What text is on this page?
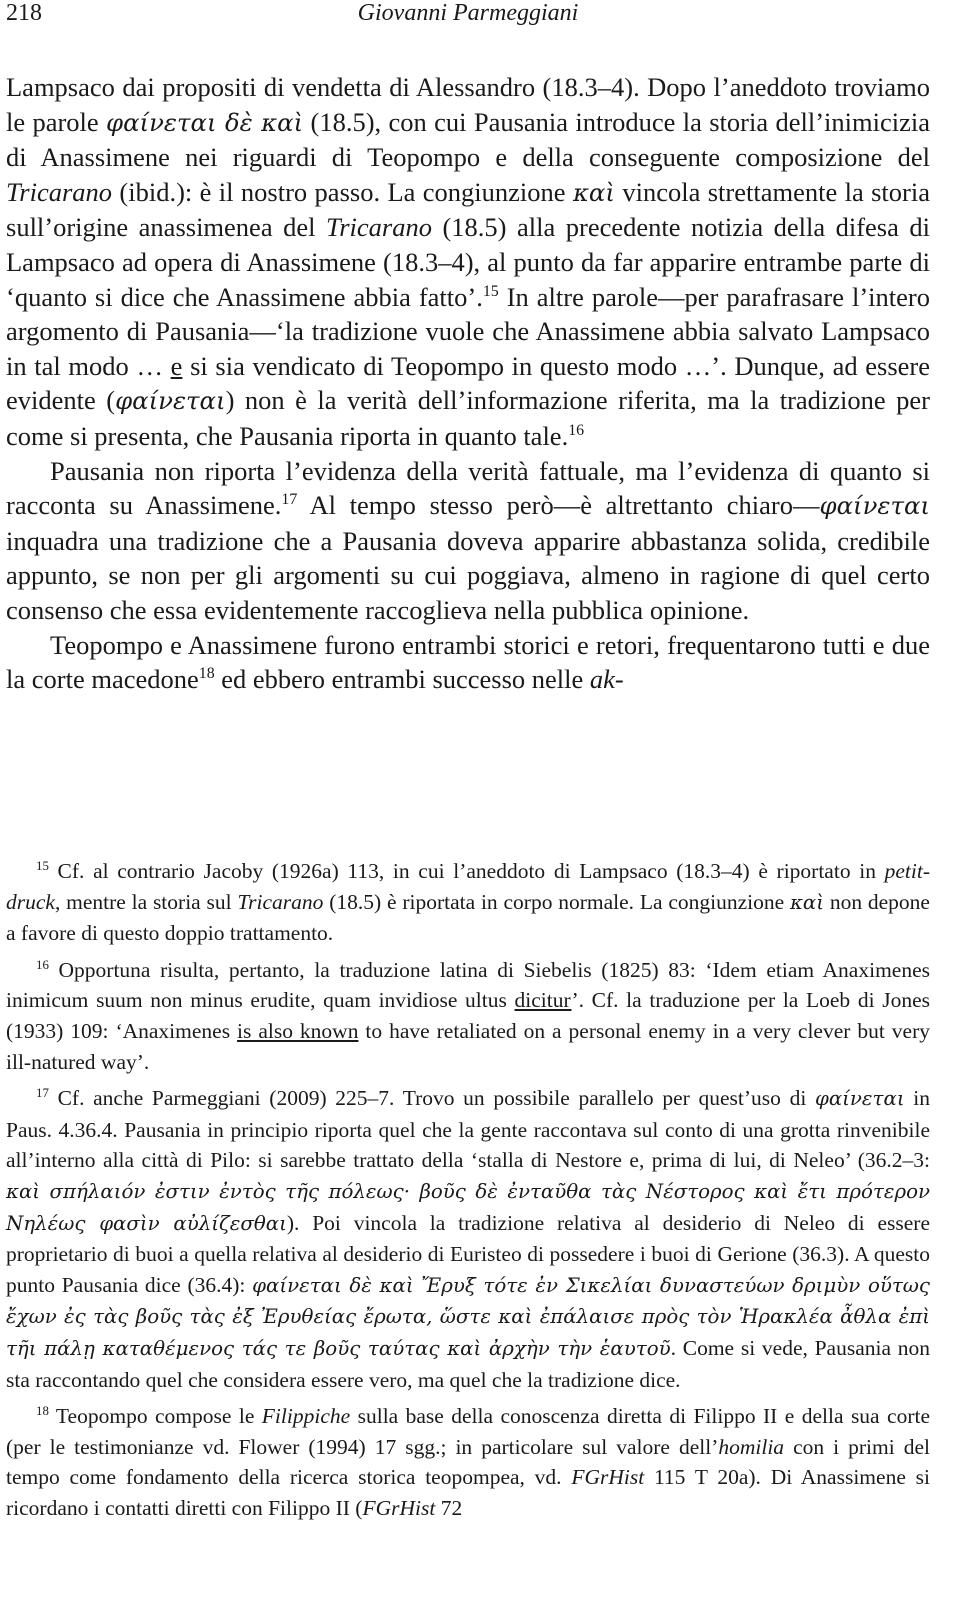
218	Giovanni Parmeggiani

Lampsaco dai propositi di vendetta di Alessandro (18.3–4). Dopo l’aneddoto troviamo le parole φαίνεται δὲ καὶ (18.5), con cui Pausania introduce la storia dell’inimicizia di Anassimene nei riguardi di Teopompo e della conseguente composizione del Tricarano (ibid.): è il nostro passo. La congiunzione καὶ vincola strettamente la storia sull’origine anassimenea del Tricarano (18.5) alla precedente notizia della difesa di Lampsaco ad opera di Anassimene (18.3–4), al punto da far apparire entrambe parte di ‘quanto si dice che Anassimene abbia fatto’.$^{15}$ In altre parole—per parafrasare l’intero argomento di Pausania—‘la tradizione vuole che Anassimene abbia salvato Lampsaco in tal modo … e si sia vendicato di Teopompo in questo modo …’. Dunque, ad essere evidente (φαίνεται) non è la verità dell’informazione riferita, ma la tradizione per come si presenta, che Pausania riporta in quanto tale.$^{16}$

Pausania non riporta l’evidenza della verità fattuale, ma l’evidenza di quanto si racconta su Anassimene.$^{17}$ Al tempo stesso però—è altrettanto chiaro—φαίνεται inquadra una tradizione che a Pausania doveva apparire abbastanza solida, credibile appunto, se non per gli argomenti su cui poggiava, almeno in ragione di quel certo consenso che essa evidentemente raccoglieva nella pubblica opinione.

Teopompo e Anassimene furono entrambi storici e retori, frequentarono tutti e due la corte macedone$^{18}$ ed ebbero entrambi successo nelle ak-

$^{15}$ Cf. al contrario Jacoby (1926a) 113, in cui l’aneddoto di Lampsaco (18.3–4) è riportato in petit-druck, mentre la storia sul Tricarano (18.5) è riportata in corpo normale. La congiunzione καὶ non depone a favore di questo doppio trattamento.

$^{16}$ Opportuna risulta, pertanto, la traduzione latina di Siebelis (1825) 83: ‘Idem etiam Anaximenes inimicum suum non minus erudite, quam invidiose ultus dicitur’. Cf. la traduzione per la Loeb di Jones (1933) 109: ‘Anaximenes is also known to have retaliated on a personal enemy in a very clever but very ill-natured way’.

$^{17}$ Cf. anche Parmeggiani (2009) 225–7. Trovo un possibile parallelo per quest’uso di φαίνεται in Paus. 4.36.4. Pausania in principio riporta quel che la gente raccontava sul conto di una grotta rinvenibile all’interno alla città di Pilo: si sarebbe trattato della ‘stalla di Nestore e, prima di lui, di Neleo’ (36.2–3: καὶ σπήλαιόν ἐστιν ἐντὸς τῆς πόλεως· βοῦς δὲ ἐνταῦθα τὰς Νέστορος καὶ ἔτι πρότερον Νηλέως φασὶν αὐλίζεσθαι). Poi vincola la tradizione relativa al desiderio di Neleo di essere proprietario di buoi a quella relativa al desiderio di Euristeo di possedere i buoi di Gerione (36.3). A questo punto Pausania dice (36.4): φαίνεται δὲ καὶ Ἔρυξ τότε ἐν Σικελίαι δυναστεύων δριμὺν οὕτως ἔχων ἐς τὰς βοῦς τὰς ἐξ Ἐρυθείας ἔρωτα, ὥστε καὶ ἐπάλαισε πρὸς τὸν Ἡρακλέα ἆθλα ἐπὶ τῆι πάλῃ καταθέμενος τάς τε βοῦς ταύτας καὶ ἀρχὴν τὴν ἑαυτοῦ. Come si vede, Pausania non sta raccontando quel che considera essere vero, ma quel che la tradizione dice.

$^{18}$ Teopompo compose le Filippiche sulla base della conoscenza diretta di Filippo II e della sua corte (per le testimonianze vd. Flower (1994) 17 sgg.; in particolare sul valore dell’homilia con i primi del tempo come fondamento della ricerca storica teopompea, vd. FGrHist 115 T 20a). Di Anassimene si ricordano i contatti diretti con Filippo II (FGrHist 72
